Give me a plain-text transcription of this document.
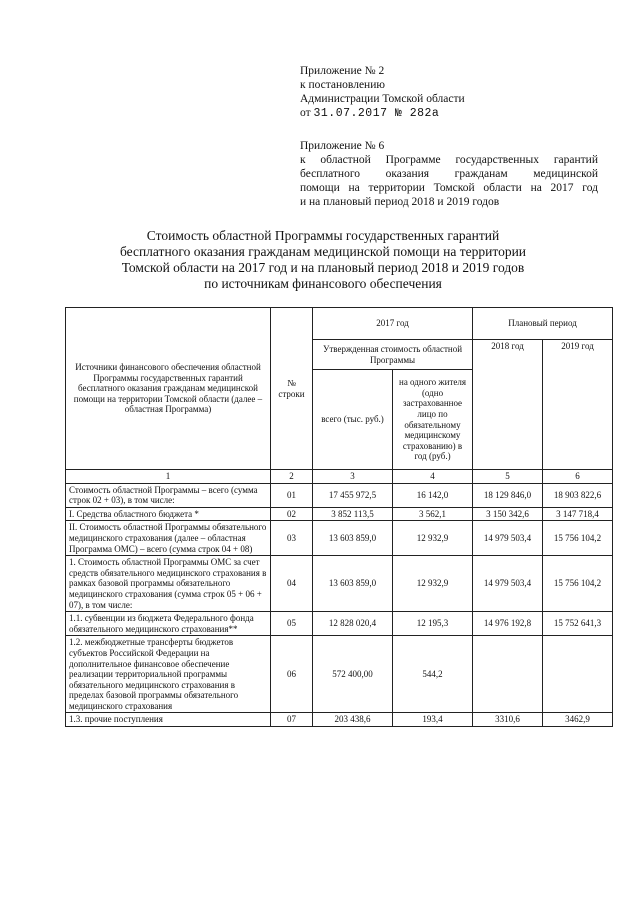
Приложение № 2
к постановлению
Администрации Томской области
от 31.07.2017 № 282а
Приложение № 6
к областной Программе государственных гарантий
бесплатного оказания гражданам медицинской
помощи на территории Томской области на 2017 год
и на плановый период 2018 и 2019 годов
Стоимость областной Программы государственных гарантий
бесплатного оказания гражданам медицинской помощи на территории
Томской области на 2017 год и на плановый период 2018 и 2019 годов
по источникам финансового обеспечения
Источники финансового обеспечения областной Программы государственных гарантий бесплатного оказания гражданам медицинской помощи на территории Томской области (далее – областная Программа)	№ строки	2017 год		Плановый период	
		Утвержденная стоимость областной Программы		2018 год	2019 год
		всего (тыс. руб.)	на одного жителя (одно застрахованное лицо по обязательному медицинскому страхованию) в год (руб.)		
1	2	3	4	5	6
Стоимость областной Программы – всего (сумма строк 02 + 03), в том числе:	01	17 455 972,5	16 142,0	18 129 846,0	18 903 822,6
I. Средства областного бюджета *	02	3 852 113,5	3 562,1	3 150 342,6	3 147 718,4
II. Стоимость областной Программы обязательного медицинского страхования (далее – областная Программа ОМС) – всего (сумма строк 04 + 08)	03	13 603 859,0	12 932,9	14 979 503,4	15 756 104,2
1. Стоимость областной Программы ОМС за счет средств обязательного медицинского страхования в рамках базовой программы обязательного медицинского страхования (сумма строк 05 + 06 + 07), в том числе:	04	13 603 859,0	12 932,9	14 979 503,4	15 756 104,2
1.1. субвенции из бюджета Федерального фонда обязательного медицинского страхования**	05	12 828 020,4	12 195,3	14 976 192,8	15 752 641,3
1.2. межбюджетные трансферты бюджетов субъектов Российской Федерации на дополнительное финансовое обеспечение реализации территориальной программы обязательного медицинского страхования в пределах базовой программы обязательного медицинского страхования	06	572 400,00	544,2		
1.3. прочие поступления	07	203 438,6	193,4	3310,6	3462,9
